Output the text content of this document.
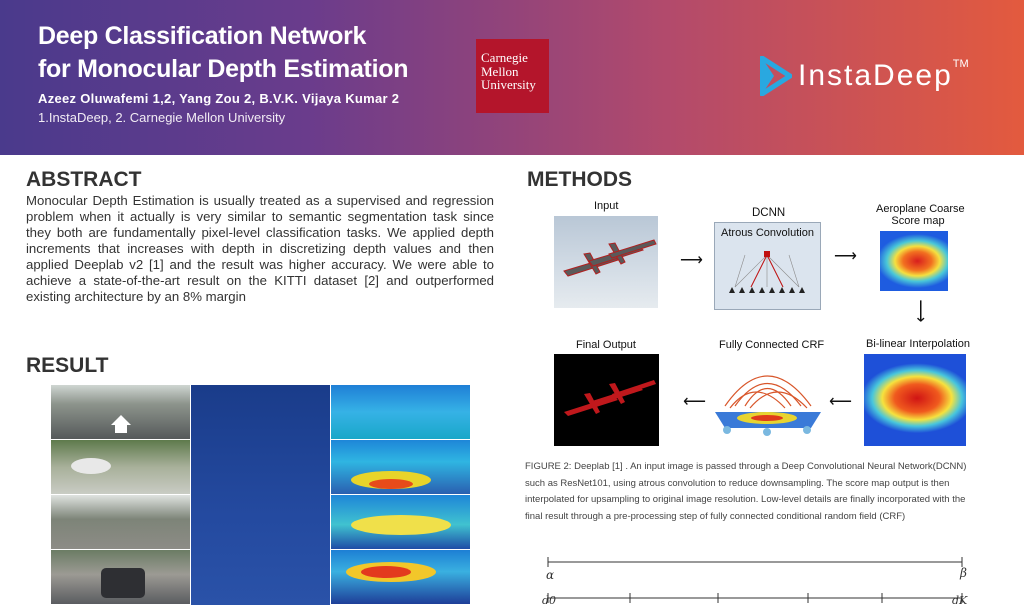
Deep Classification Network
for Monocular Depth Estimation
Azeez Oluwafemi 1,2, Yang Zou 2, B.V.K. Vijaya Kumar 2
1.InstaDeep, 2. Carnegie Mellon University
Carnegie
Mellon
University	InstaDeep TM
ABSTRACT
Monocular Depth Estimation is usually treated as a supervised and regression problem when it actually is very similar to semantic segmentation task since they both are fundamentally pixel-level classification tasks. We applied depth increments that increases with depth in discretizing depth values and then applied Deeplab v2 [1] and the result was higher accuracy. We were able to achieve a state-of-the-art result on the KITTI dataset [2] and outperformed existing architecture by an 8% margin
RESULT
METHODS
Input
⟶
DCNN
Atrous Convolution
⟶
Aeroplane Coarse
Score map
⟶
Bi-linear Interpolation
⟶
Fully Connected CRF
⟶
Final Output
FIGURE 2: Deeplab [1] . An input image is passed through a Deep Convolutional Neural Network(DCNN) such as ResNet101, using atrous convolution to reduce downsampling. The score map output is then interpolated for upsampling to original image resolution. Low-level details are finally incorporated with the final result through a pre-processing step of fully connected conditional random field (CRF)
α	β
d0	dK
